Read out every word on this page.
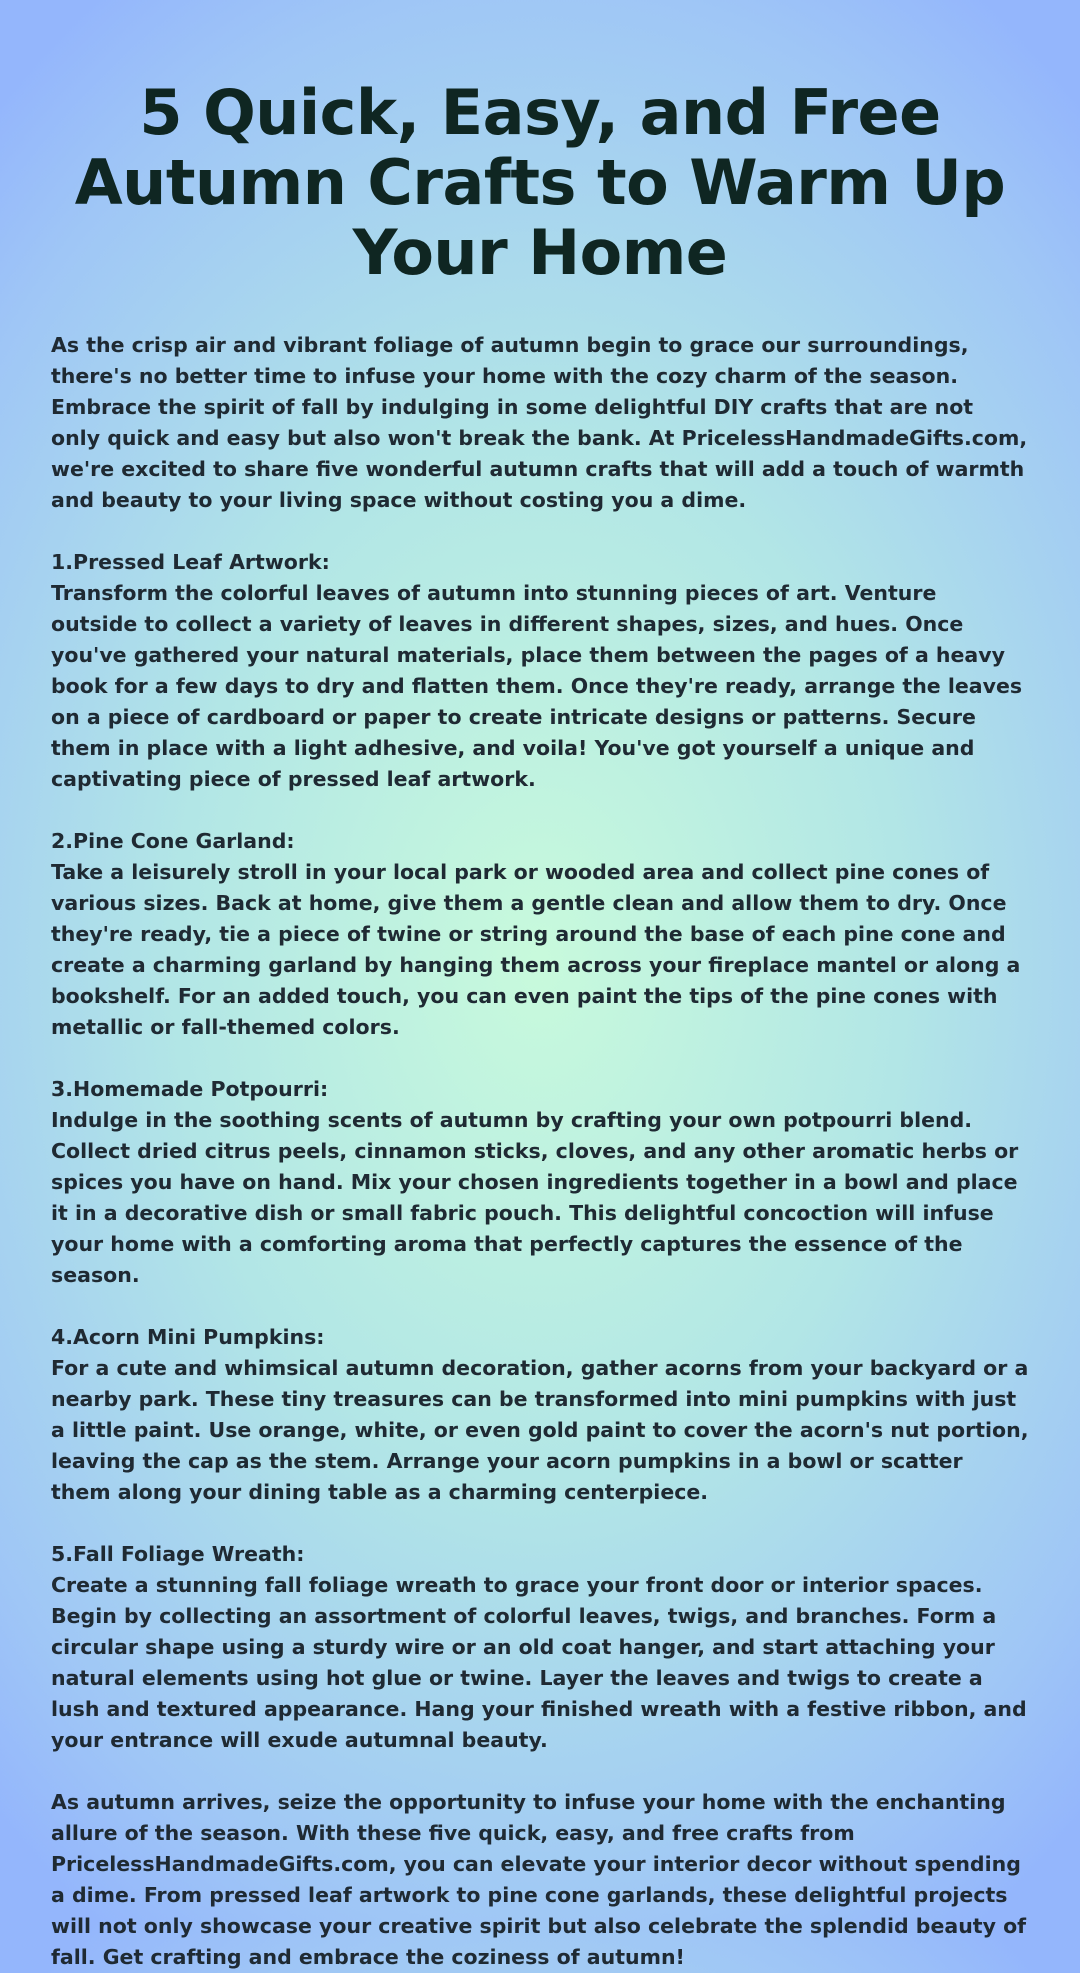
5 Quick, Easy, and Free Autumn Crafts to Warm Up Your Home

As the crisp air and vibrant foliage of autumn begin to grace our surroundings, there's no better time to infuse your home with the cozy charm of the season. Embrace the spirit of fall by indulging in some delightful DIY crafts that are not only quick and easy but also won't break the bank. At PricelessHandmadeGifts.com, we're excited to share five wonderful autumn crafts that will add a touch of warmth and beauty to your living space without costing you a dime.

1.Pressed Leaf Artwork:
Transform the colorful leaves of autumn into stunning pieces of art. Venture outside to collect a variety of leaves in different shapes, sizes, and hues. Once you've gathered your natural materials, place them between the pages of a heavy book for a few days to dry and flatten them. Once they're ready, arrange the leaves on a piece of cardboard or paper to create intricate designs or patterns. Secure them in place with a light adhesive, and voila! You've got yourself a unique and captivating piece of pressed leaf artwork.
2.Pine Cone Garland:
Take a leisurely stroll in your local park or wooded area and collect pine cones of various sizes. Back at home, give them a gentle clean and allow them to dry. Once they're ready, tie a piece of twine or string around the base of each pine cone and create a charming garland by hanging them across your fireplace mantel or along a bookshelf. For an added touch, you can even paint the tips of the pine cones with metallic or fall-themed colors.
3.Homemade Potpourri:
Indulge in the soothing scents of autumn by crafting your own potpourri blend. Collect dried citrus peels, cinnamon sticks, cloves, and any other aromatic herbs or spices you have on hand. Mix your chosen ingredients together in a bowl and place it in a decorative dish or small fabric pouch. This delightful concoction will infuse your home with a comforting aroma that perfectly captures the essence of the season.
4.Acorn Mini Pumpkins:
For a cute and whimsical autumn decoration, gather acorns from your backyard or a nearby park. These tiny treasures can be transformed into mini pumpkins with just a little paint. Use orange, white, or even gold paint to cover the acorn's nut portion, leaving the cap as the stem. Arrange your acorn pumpkins in a bowl or scatter them along your dining table as a charming centerpiece.
5.Fall Foliage Wreath:
Create a stunning fall foliage wreath to grace your front door or interior spaces. Begin by collecting an assortment of colorful leaves, twigs, and branches. Form a circular shape using a sturdy wire or an old coat hanger, and start attaching your natural elements using hot glue or twine. Layer the leaves and twigs to create a lush and textured appearance. Hang your finished wreath with a festive ribbon, and your entrance will exude autumnal beauty.

As autumn arrives, seize the opportunity to infuse your home with the enchanting allure of the season. With these five quick, easy, and free crafts from PricelessHandmadeGifts.com, you can elevate your interior decor without spending a dime. From pressed leaf artwork to pine cone garlands, these delightful projects will not only showcase your creative spirit but also celebrate the splendid beauty of fall. Get crafting and embrace the coziness of autumn!
